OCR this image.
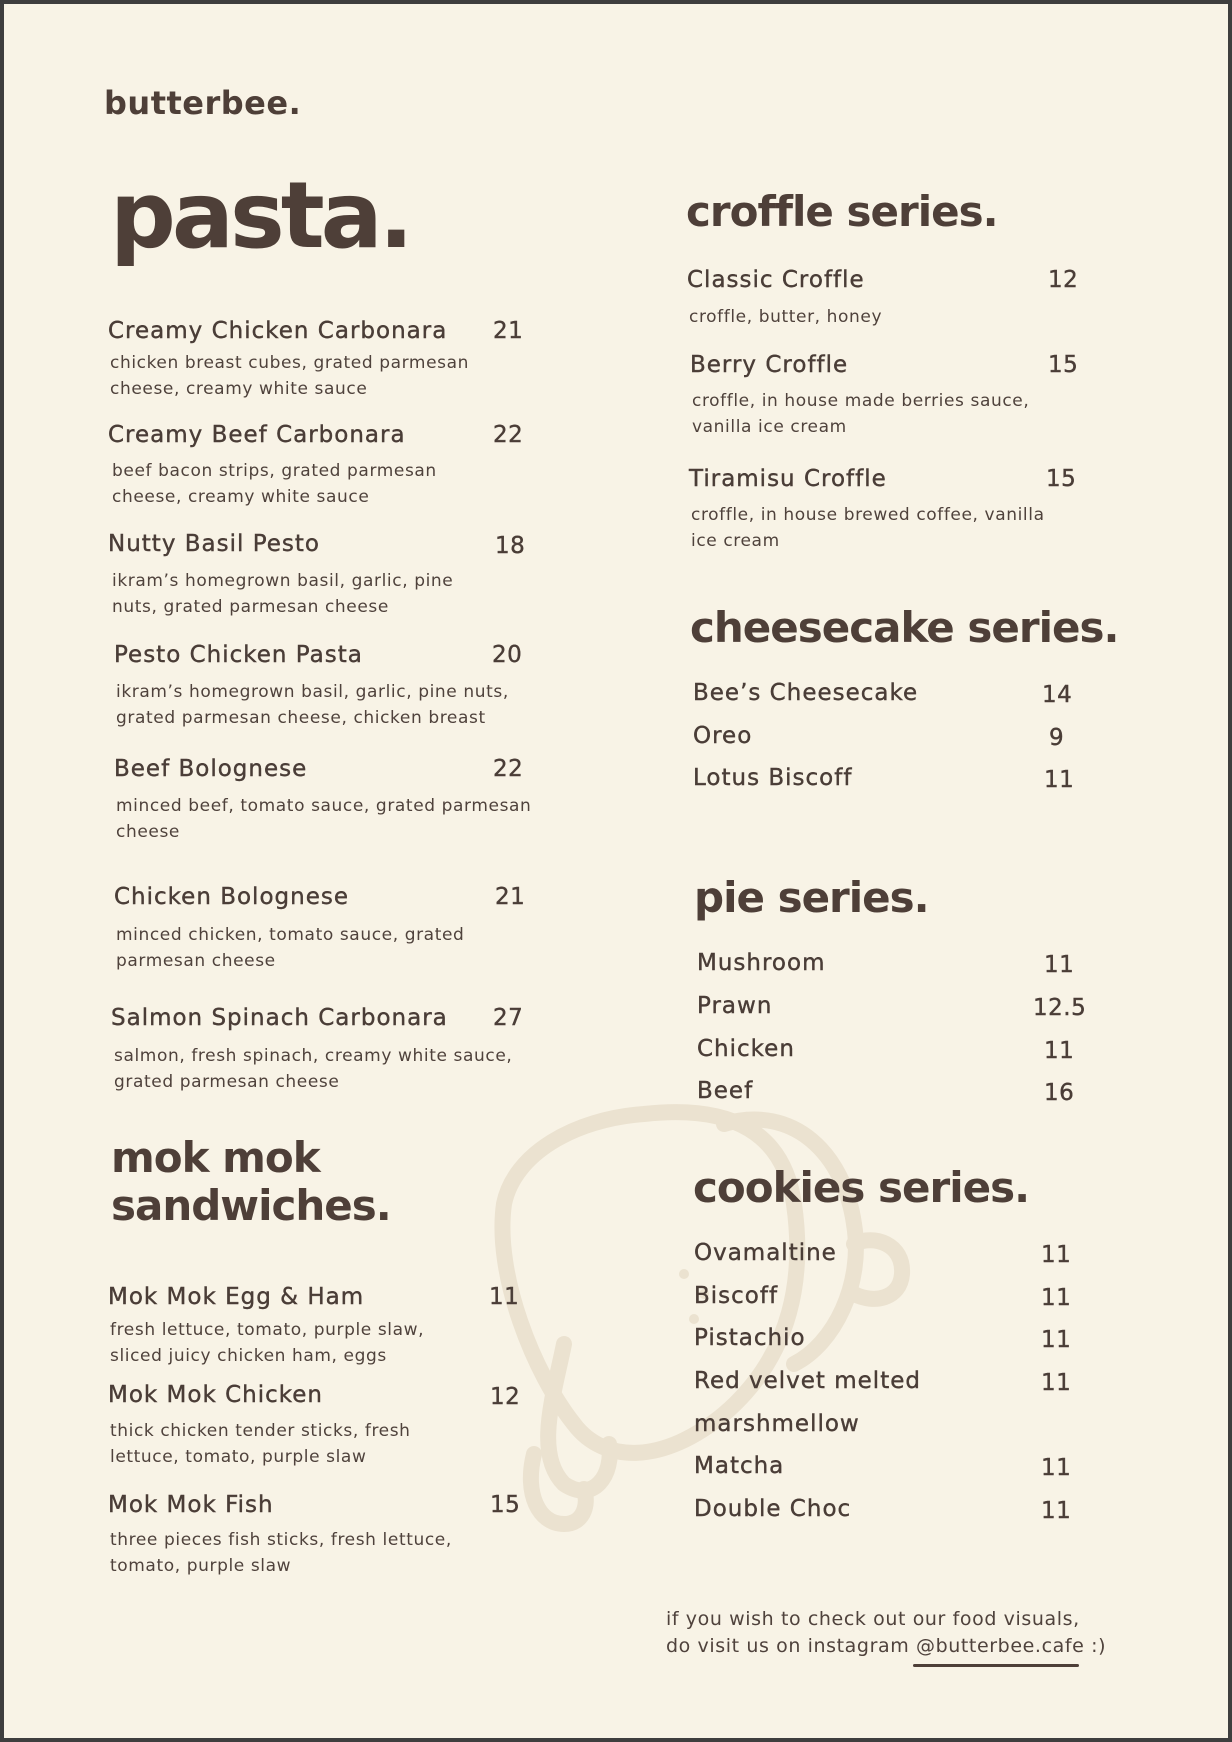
butterbee.
pasta.
Creamy Chicken Carbonara 21
chicken breast cubes, grated parmesan
cheese, creamy white sauce
Creamy Beef Carbonara	22
beef bacon strips, grated parmesan
cheese, creamy white sauce
Nutty Basil Pesto	18
ikram’s homegrown basil, garlic, pine
nuts, grated parmesan cheese
Pesto Chicken Pasta	20
ikram’s homegrown basil, garlic, pine nuts,
grated parmesan cheese, chicken breast
Beef Bolognese	22
minced beef, tomato sauce, grated parmesan
cheese
Chicken Bolognese	21
minced chicken, tomato sauce, grated
parmesan cheese
Salmon Spinach Carbonara 27
salmon, fresh spinach, creamy white sauce,
grated parmesan cheese
mok mok
sandwiches.
Mok Mok Egg & Ham	11
fresh lettuce, tomato, purple slaw,
sliced juicy chicken ham, eggs
Mok Mok Chicken	12
thick chicken tender sticks, fresh
lettuce, tomato, purple slaw
Mok Mok Fish	15
three pieces fish sticks, fresh lettuce,
tomato, purple slaw
croffle series.
Classic Croffle	12
croffle, butter, honey
Berry Croffle	15
croffle, in house made berries sauce,
vanilla ice cream
Tiramisu Croffle	15
croffle, in house brewed coffee, vanilla
ice cream
cheesecake series.
Bee’s Cheesecake	14
Oreo	9
Lotus Biscoff	11
pie series.
Mushroom	11
Prawn	12.5
Chicken	11
Beef	16
cookies series.
Ovamaltine	11
Biscoff	11
Pistachio	11
Red velvet melted	11
marshmellow
Matcha	11
Double Choc	11
if you wish to check out our food visuals,
do visit us on instagram @butterbee.cafe :)
